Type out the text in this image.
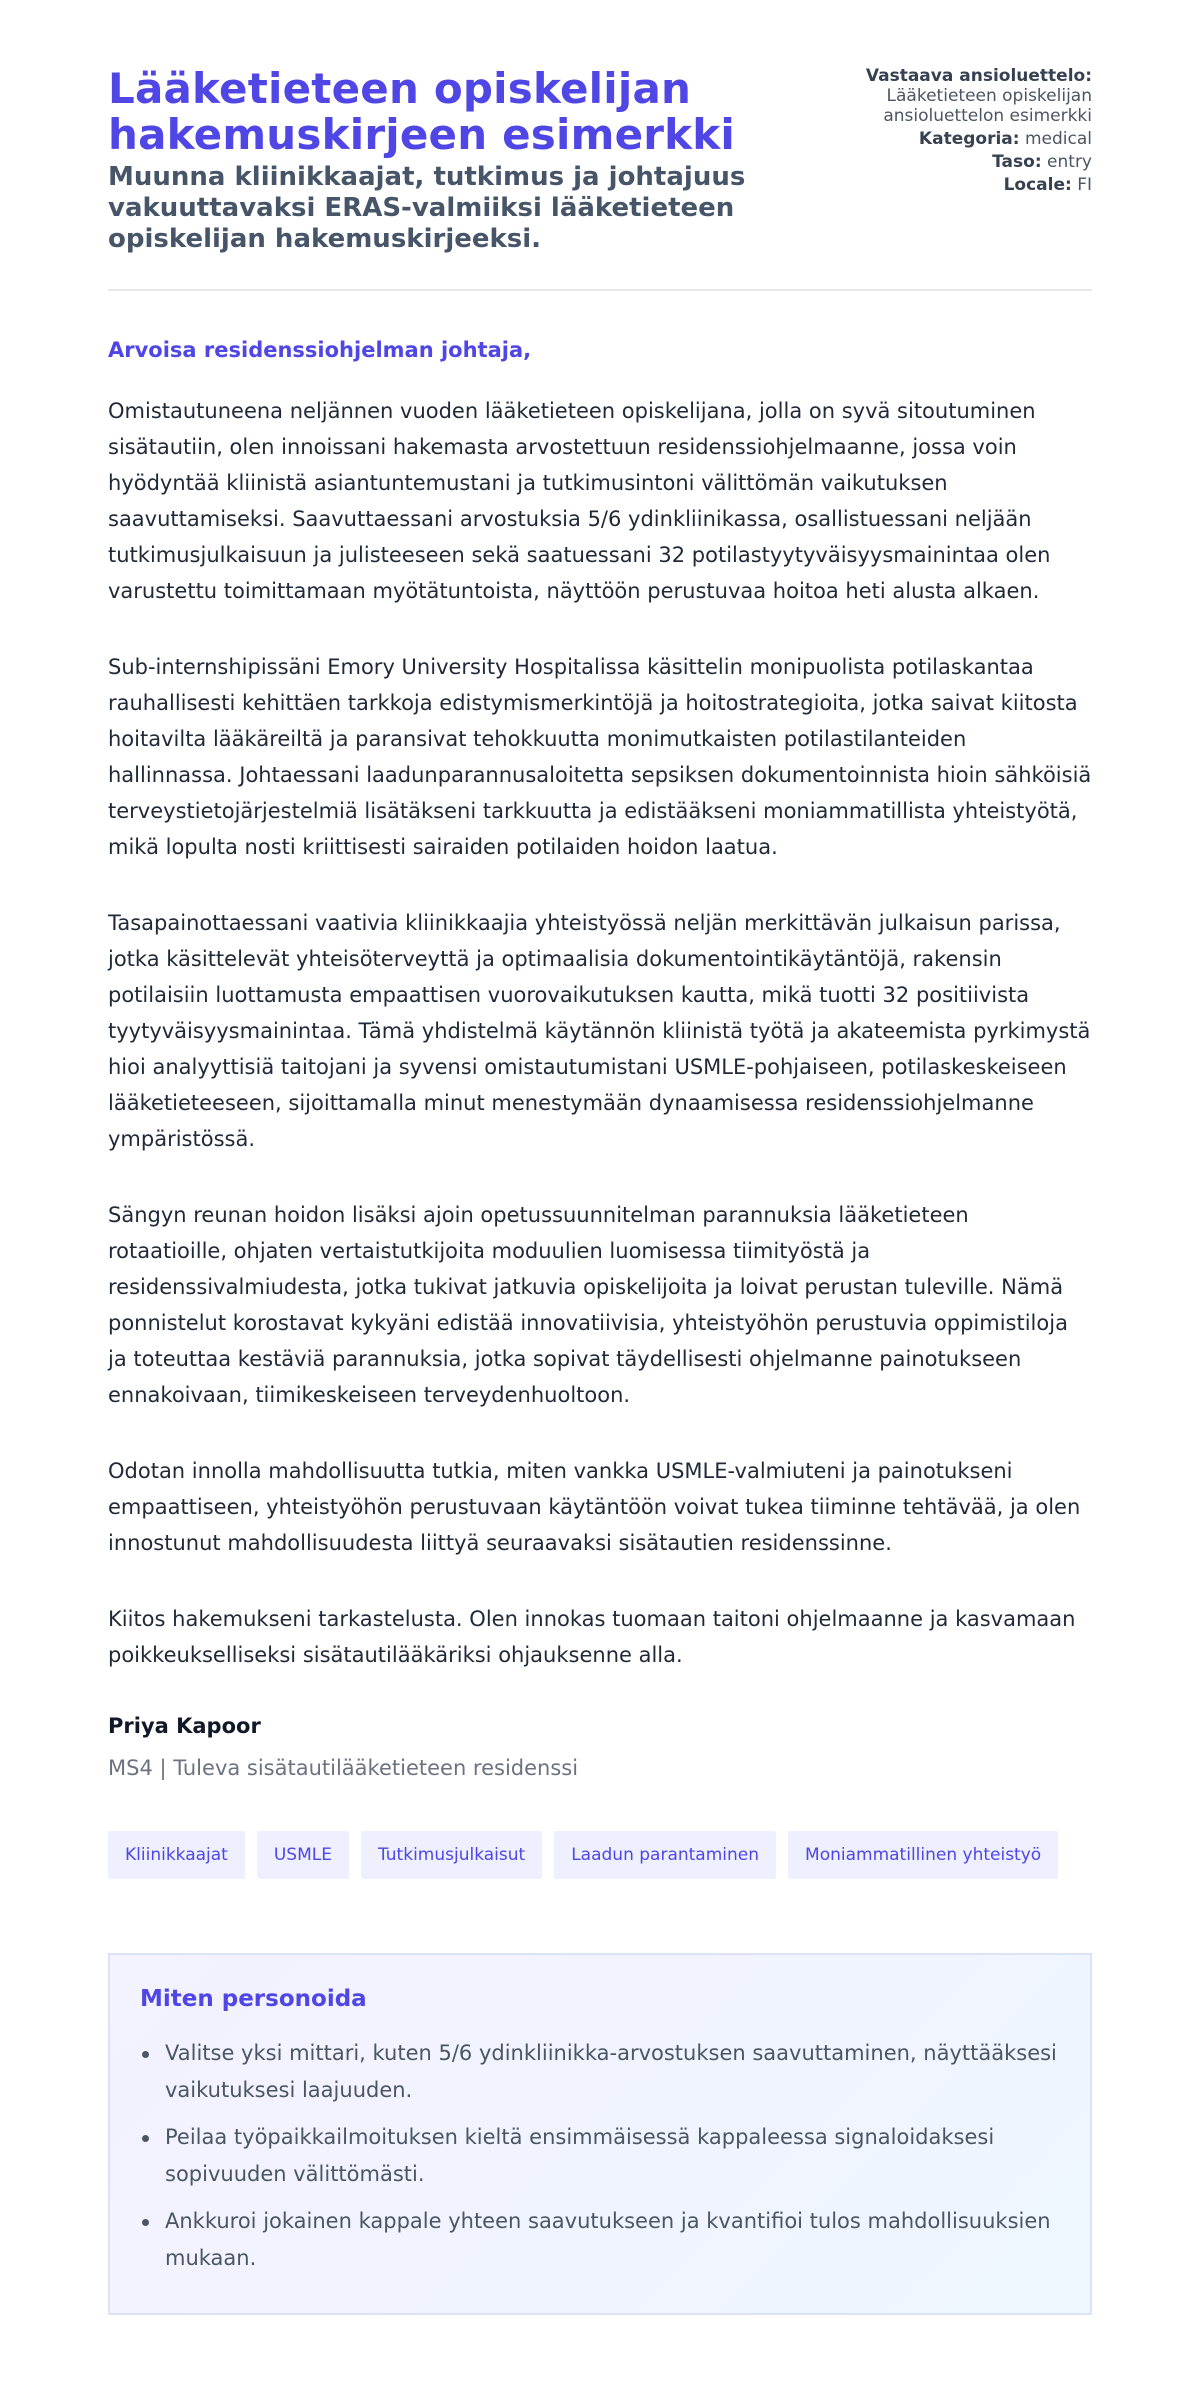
Lääketieteen opiskelijan hakemuskirjeen esimerkki
Muunna kliinikkaajat, tutkimus ja johtajuus vakuuttavaksi ERAS-valmiiksi lääketieteen opiskelijan hakemuskirjeeksi.
Vastaava ansioluettelo:
Lääketieteen opiskelijan ansioluettelon esimerkki
Kategoria: medical
Taso: entry
Locale: FI
Arvoisa residenssiohjelman johtaja,

Omistautuneena neljännen vuoden lääketieteen opiskelijana, jolla on syvä sitoutuminen sisätautiin, olen innoissani hakemasta arvostettuun residenssiohjelmaanne, jossa voin hyödyntää kliinistä asiantuntemustani ja tutkimusintoni välittömän vaikutuksen saavuttamiseksi. Saavuttaessani arvostuksia 5/6 ydinkliinikassa, osallistuessani neljään tutkimusjulkaisuun ja julisteeseen sekä saatuessani 32 potilastyytyväisyysmainintaa olen varustettu toimittamaan myötätuntoista, näyttöön perustuvaa hoitoa heti alusta alkaen.

Sub-internshipissäni Emory University Hospitalissa käsittelin monipuolista potilaskantaa rauhallisesti kehittäen tarkkoja edistymismerkintöjä ja hoitostrategioita, jotka saivat kiitosta hoitavilta lääkäreiltä ja paransivat tehokkuutta monimutkaisten potilastilanteiden hallinnassa. Johtaessani laadunparannusaloitetta sepsiksen dokumentoinnista hioin sähköisiä terveystietojärjestelmiä lisätäkseni tarkkuutta ja edistääkseni moniammatillista yhteistyötä, mikä lopulta nosti kriittisesti sairaiden potilaiden hoidon laatua.

Tasapainottaessani vaativia kliinikkaajia yhteistyössä neljän merkittävän julkaisun parissa, jotka käsittelevät yhteisöterveyttä ja optimaalisia dokumentointikäytäntöjä, rakensin potilaisiin luottamusta empaattisen vuorovaikutuksen kautta, mikä tuotti 32 positiivista tyytyväisyysmainintaa. Tämä yhdistelmä käytännön kliinistä työtä ja akateemista pyrkimystä hioi analyyttisiä taitojani ja syvensi omistautumistani USMLE-pohjaiseen, potilaskeskeiseen lääketieteeseen, sijoittamalla minut menestymään dynaamisessa residenssiohjelmanne ympäristössä.

Sängyn reunan hoidon lisäksi ajoin opetussuunnitelman parannuksia lääketieteen rotaatioille, ohjaten vertaistutkijoita moduulien luomisessa tiimityöstä ja residenssivalmiudesta, jotka tukivat jatkuvia opiskelijoita ja loivat perustan tuleville. Nämä ponnistelut korostavat kykyäni edistää innovatiivisia, yhteistyöhön perustuvia oppimistiloja ja toteuttaa kestäviä parannuksia, jotka sopivat täydellisesti ohjelmanne painotukseen ennakoivaan, tiimikeskeiseen terveydenhuoltoon.

Odotan innolla mahdollisuutta tutkia, miten vankka USMLE-valmiuteni ja painotukseni empaattiseen, yhteistyöhön perustuvaan käytäntöön voivat tukea tiiminne tehtävää, ja olen innostunut mahdollisuudesta liittyä seuraavaksi sisätautien residenssinne.

Kiitos hakemukseni tarkastelusta. Olen innokas tuomaan taitoni ohjelmaanne ja kasvamaan poikkeukselliseksi sisätautilääkäriksi ohjauksenne alla.

Priya Kapoor
MS4 | Tuleva sisätautilääketieteen residenssi
Kliinikkaajat	USMLE	Tutkimusjulkaisut	Laadun parantaminen	Moniammatillinen yhteistyö
Miten personoida
Valitse yksi mittari, kuten 5/6 ydinkliinikka-arvostuksen saavuttaminen, näyttääksesi vaikutuksesi laajuuden.
Peilaa työpaikkailmoituksen kieltä ensimmäisessä kappaleessa signaloidaksesi sopivuuden välittömästi.
Ankkuroi jokainen kappale yhteen saavutukseen ja kvantifioi tulos mahdollisuuksien mukaan.
